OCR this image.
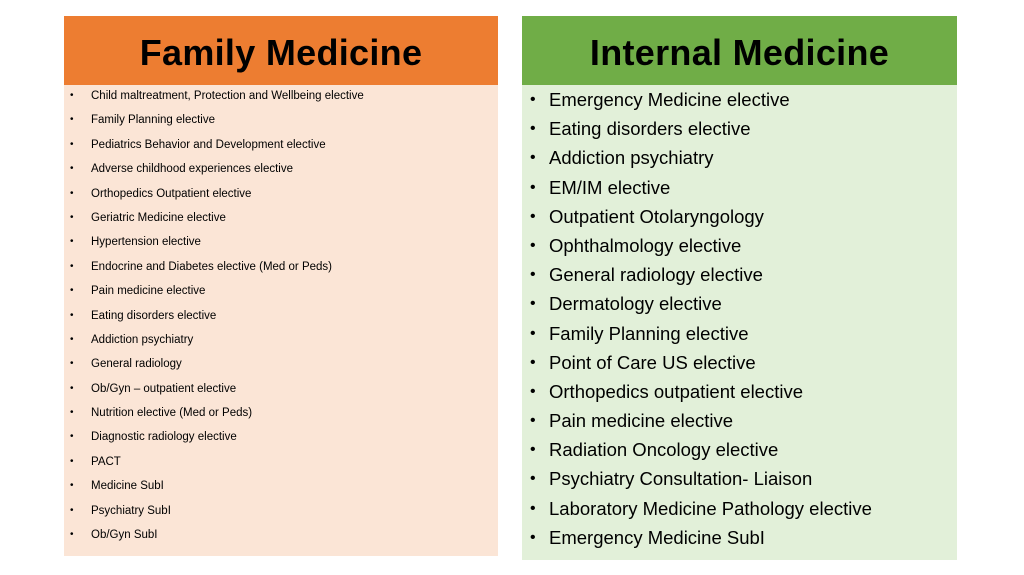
Family Medicine
• Child maltreatment, Protection and Wellbeing elective
• Family Planning elective
• Pediatrics Behavior and Development elective
• Adverse childhood experiences elective
• Orthopedics Outpatient elective
• Geriatric Medicine elective
• Hypertension elective
• Endocrine and Diabetes elective (Med or Peds)
• Pain medicine elective
• Eating disorders elective
• Addiction psychiatry
• General radiology
• Ob/Gyn – outpatient elective
• Nutrition elective (Med or Peds)
• Diagnostic radiology elective
• PACT
• Medicine SubI
• Psychiatry SubI
• Ob/Gyn SubI
Internal Medicine
• Emergency Medicine elective
• Eating disorders elective
• Addiction psychiatry
• EM/IM elective
• Outpatient Otolaryngology
• Ophthalmology elective
• General radiology elective
• Dermatology elective
• Family Planning elective
• Point of Care US elective
• Orthopedics outpatient elective
• Pain medicine elective
• Radiation Oncology elective
• Psychiatry Consultation- Liaison
• Laboratory Medicine Pathology elective
• Emergency Medicine SubI
